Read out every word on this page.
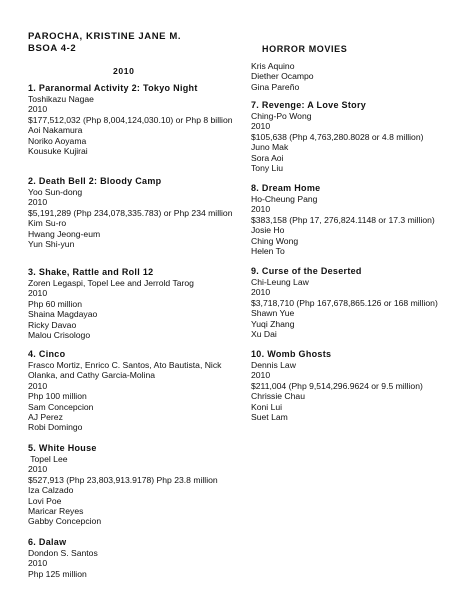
PAROCHA, KRISTINE JANE M.
BSOA 4-2	HORROR MOVIES
2010
1. Paranormal Activity 2: Tokyo Night
Toshikazu Nagae
2010
$177,512,032 (Php 8,004,124,030.10) or Php 8 billion
Aoi Nakamura
Noriko Aoyama
Kousuke Kujirai
2. Death Bell 2: Bloody Camp
Yoo Sun-dong
2010
$5,191,289 (Php 234,078,335.783) or Php 234 million
Kim Su-ro
Hwang Jeong-eum
Yun Shi-yun
3. Shake, Rattle and Roll 12
Zoren Legaspi, Topel Lee and Jerrold Tarog
2010
Php 60 million
Shaina Magdayao
Ricky Davao
Malou Crisologo
4. Cinco
Frasco Mortiz, Enrico C. Santos, Ato Bautista, Nick Olanka, and Cathy Garcia-Molina
2010
Php 100 million
Sam Concepcion
AJ Perez
Robi Domingo
5. White House
Topel Lee
2010
$527,913 (Php 23,803,913.9178) Php 23.8 million
Iza Calzado
Lovi Poe
Maricar Reyes
Gabby Concepcion
6. Dalaw
Dondon S. Santos
2010
Php 125 million
Kris Aquino
Diether Ocampo
Gina Pareño
7. Revenge: A Love Story
Ching-Po Wong
2010
$105,638 (Php 4,763,280.8028 or 4.8 million)
Juno Mak
Sora Aoi
Tony Liu
8. Dream Home
Ho-Cheung Pang
2010
$383,158 (Php 17, 276,824.1148 or 17.3 million)
Josie Ho
Ching Wong
Helen To
9. Curse of the Deserted
Chi-Leung Law
2010
$3,718,710 (Php 167,678,865.126 or 168 million)
Shawn Yue
Yuqi Zhang
Xu Dai
10. Womb Ghosts
Dennis Law
2010
$211,004 (Php 9,514,296.9624 or 9.5 million)
Chrissie Chau
Koni Lui
Suet Lam
